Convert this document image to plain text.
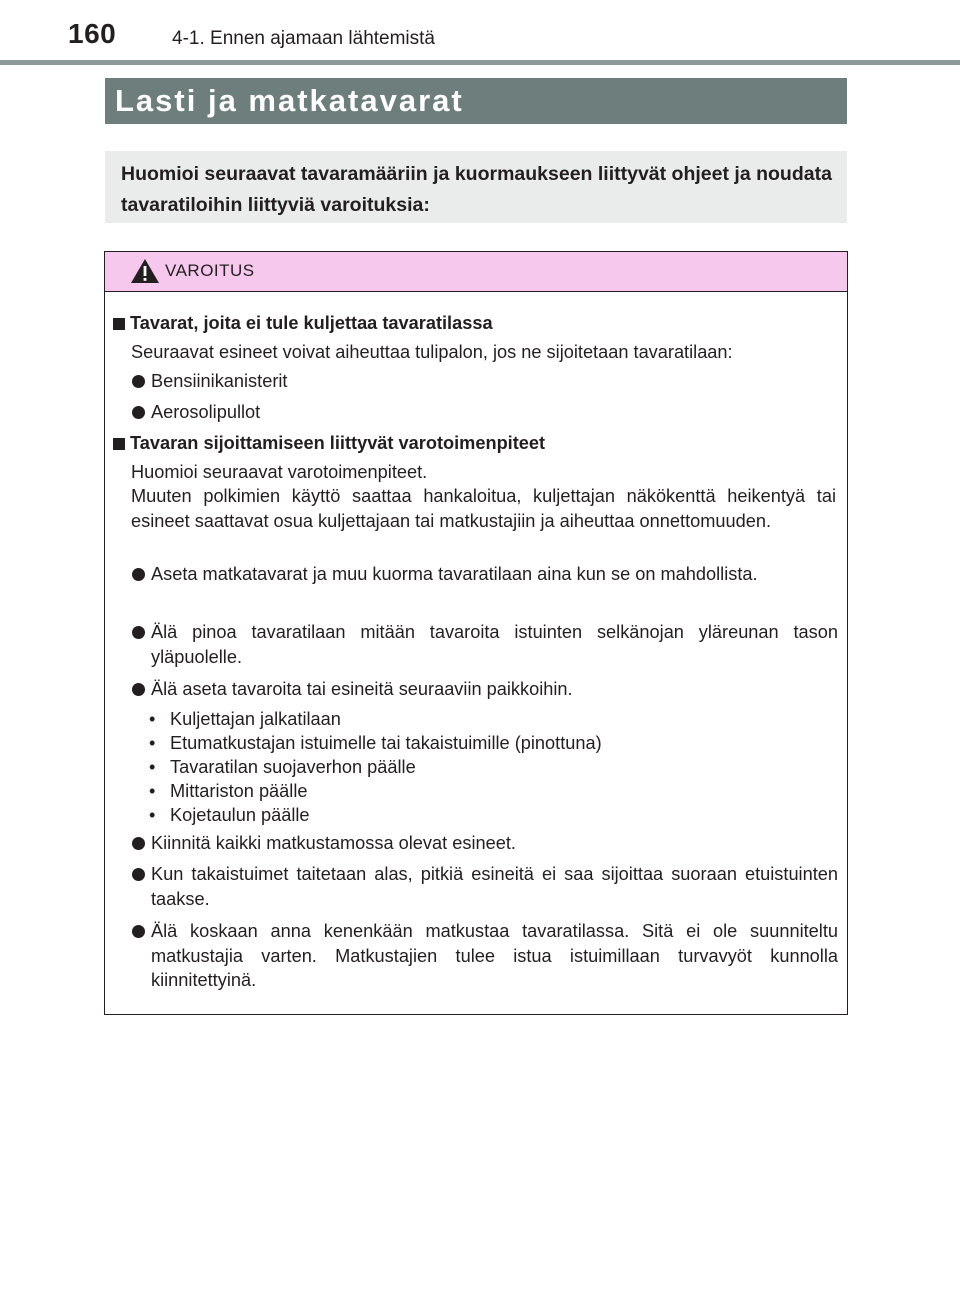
160	4-1. Ennen ajamaan lähtemistä
Lasti ja matkatavarat
Huomioi seuraavat tavaramääriin ja kuormaukseen liittyvät ohjeet ja noudata tavaratiloihin liittyviä varoituksia:
VAROITUS
Tavarat, joita ei tule kuljettaa tavaratilassa
Seuraavat esineet voivat aiheuttaa tulipalon, jos ne sijoitetaan tavaratilaan:
Bensiinikanisterit
Aerosolipullot
Tavaran sijoittamiseen liittyvät varotoimenpiteet
Huomioi seuraavat varotoimenpiteet.
Muuten polkimien käyttö saattaa hankaloitua, kuljettajan näkökenttä heikentyä tai esineet saattavat osua kuljettajaan tai matkustajiin ja aiheuttaa onnettomuuden.
Aseta matkatavarat ja muu kuorma tavaratilaan aina kun se on mahdollista.
Älä pinoa tavaratilaan mitään tavaroita istuinten selkänojan yläreunan tason yläpuolelle.
Älä aseta tavaroita tai esineitä seuraaviin paikkoihin.
• Kuljettajan jalkatilaan
• Etumatkustajan istuimelle tai takaistuimille (pinottuna)
• Tavaratilan suojaverhon päälle
• Mittariston päälle
• Kojetaulun päälle
Kiinnitä kaikki matkustamossa olevat esineet.
Kun takaistuimet taitetaan alas, pitkiä esineitä ei saa sijoittaa suoraan etuistuinten taakse.
Älä koskaan anna kenenkään matkustaa tavaratilassa. Sitä ei ole suunniteltu matkustajia varten. Matkustajien tulee istua istuimillaan turvavyöt kunnolla kiinnitettyinä.
